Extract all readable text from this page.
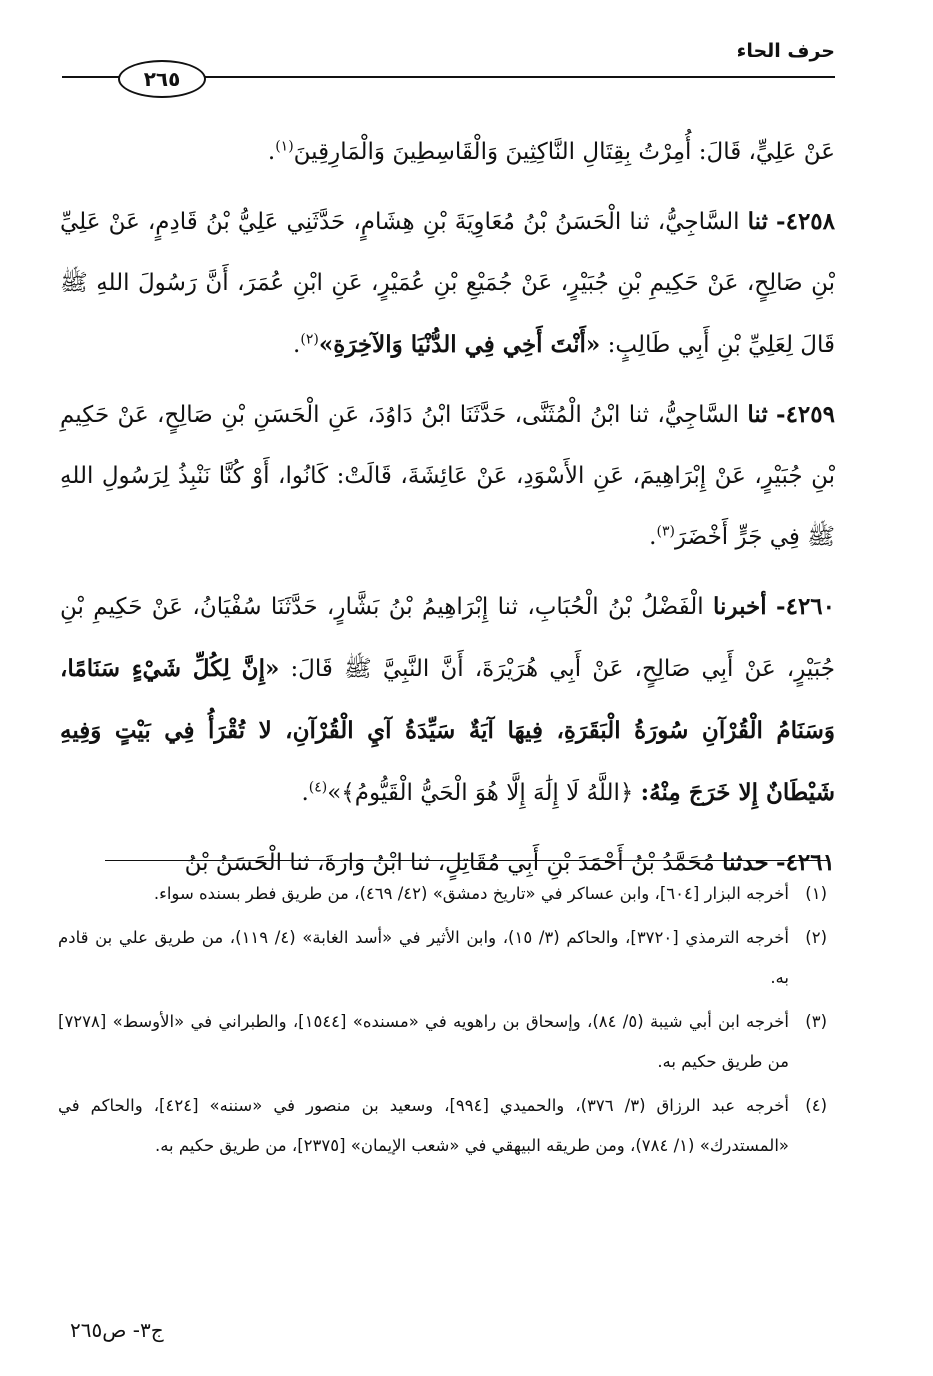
حرف الحاء
٢٦٥

عَنْ عَلِيٍّ، قَالَ: أُمِرْتُ بِقِتَالِ النَّاكِثِينَ وَالْقَاسِطِينَ وَالْمَارِقِينَ$^{(١)}$.

٤٢٥٨- ثنا السَّاجِيُّ، ثنا الْحَسَنُ بْنُ مُعَاوِيَةَ بْنِ هِشَامٍ، حَدَّثَنِي عَلِيُّ بْنُ قَادِمٍ، عَنْ عَلِيِّ بْنِ صَالِحٍ، عَنْ حَكِيمِ بْنِ جُبَيْرٍ، عَنْ جُمَيْعِ بْنِ عُمَيْرٍ، عَنِ ابْنِ عُمَرَ، أَنَّ رَسُولَ اللهِ ﷺ قَالَ لِعَلِيِّ بْنِ أَبِي طَالِبٍ: «أَنْتَ أَخِي فِي الدُّنْيَا وَالآخِرَةِ»$^{(٢)}$.

٤٢٥٩- ثنا السَّاجِيُّ، ثنا ابْنُ الْمُثَنَّى، حَدَّثَنَا ابْنُ دَاوُدَ، عَنِ الْحَسَنِ بْنِ صَالِحٍ، عَنْ حَكِيمِ بْنِ جُبَيْرٍ، عَنْ إِبْرَاهِيمَ، عَنِ الأَسْوَدِ، عَنْ عَائِشَةَ، قَالَتْ: كَانُوا، أَوْ كُنَّا نَنْبِذُ لِرَسُولِ اللهِ ﷺ فِي جَرٍّ أَخْضَرَ$^{(٣)}$.

٤٢٦٠- أخبرنا الْفَضْلُ بْنُ الْحُبَابِ، ثنا إِبْرَاهِيمُ بْنُ بَشَّارٍ، حَدَّثَنَا سُفْيَانُ، عَنْ حَكِيمِ بْنِ جُبَيْرٍ، عَنْ أَبِي صَالِحٍ، عَنْ أَبِي هُرَيْرَةَ، أَنَّ النَّبِيَّ ﷺ قَالَ: «إِنَّ لِكُلِّ شَيْءٍ سَنَامًا، وَسَنَامُ الْقُرْآنِ سُورَةُ الْبَقَرَةِ، فِيهَا آيَةٌ سَيِّدَةُ آيِ الْقُرْآنِ، لا تُقْرَأُ فِي بَيْتٍ وَفِيهِ شَيْطَانٌ إِلا خَرَجَ مِنْهُ: ﴿اللَّهُ لَا إِلَٰهَ إِلَّا هُوَ الْحَيُّ الْقَيُّومُ﴾»$^{(٤)}$.

٤٢٦١- حدثنا مُحَمَّدُ بْنُ أَحْمَدَ بْنِ أَبِي مُقَاتِلٍ، ثنا ابْنُ وَارَةَ، ثنا الْحَسَنُ بْنُ

(١)
أخرجه البزار [٦٠٤]، وابن عساكر في «تاريخ دمشق» (٤٢/ ٤٦٩)، من طريق فطر بسنده سواء.
(٢)
أخرجه الترمذي [٣٧٢٠]، والحاكم (٣/ ١٥)، وابن الأثير في «أسد الغابة» (٤/ ١١٩)، من طريق علي بن قادم به.
(٣)
أخرجه ابن أبي شيبة (٥/ ٨٤)، وإسحاق بن راهويه في «مسنده» [١٥٤٤]، والطبراني في «الأوسط» [٧٢٧٨] من طريق حكيم به.
(٤)
أخرجه عبد الرزاق (٣/ ٣٧٦)، والحميدي [٩٩٤]، وسعيد بن منصور في «سننه» [٤٢٤]، والحاكم في «المستدرك» (١/ ٧٨٤)، ومن طريقه البيهقي في «شعب الإيمان» [٢٣٧٥]، من طريق حكيم به.
ج٣- ص٢٦٥
